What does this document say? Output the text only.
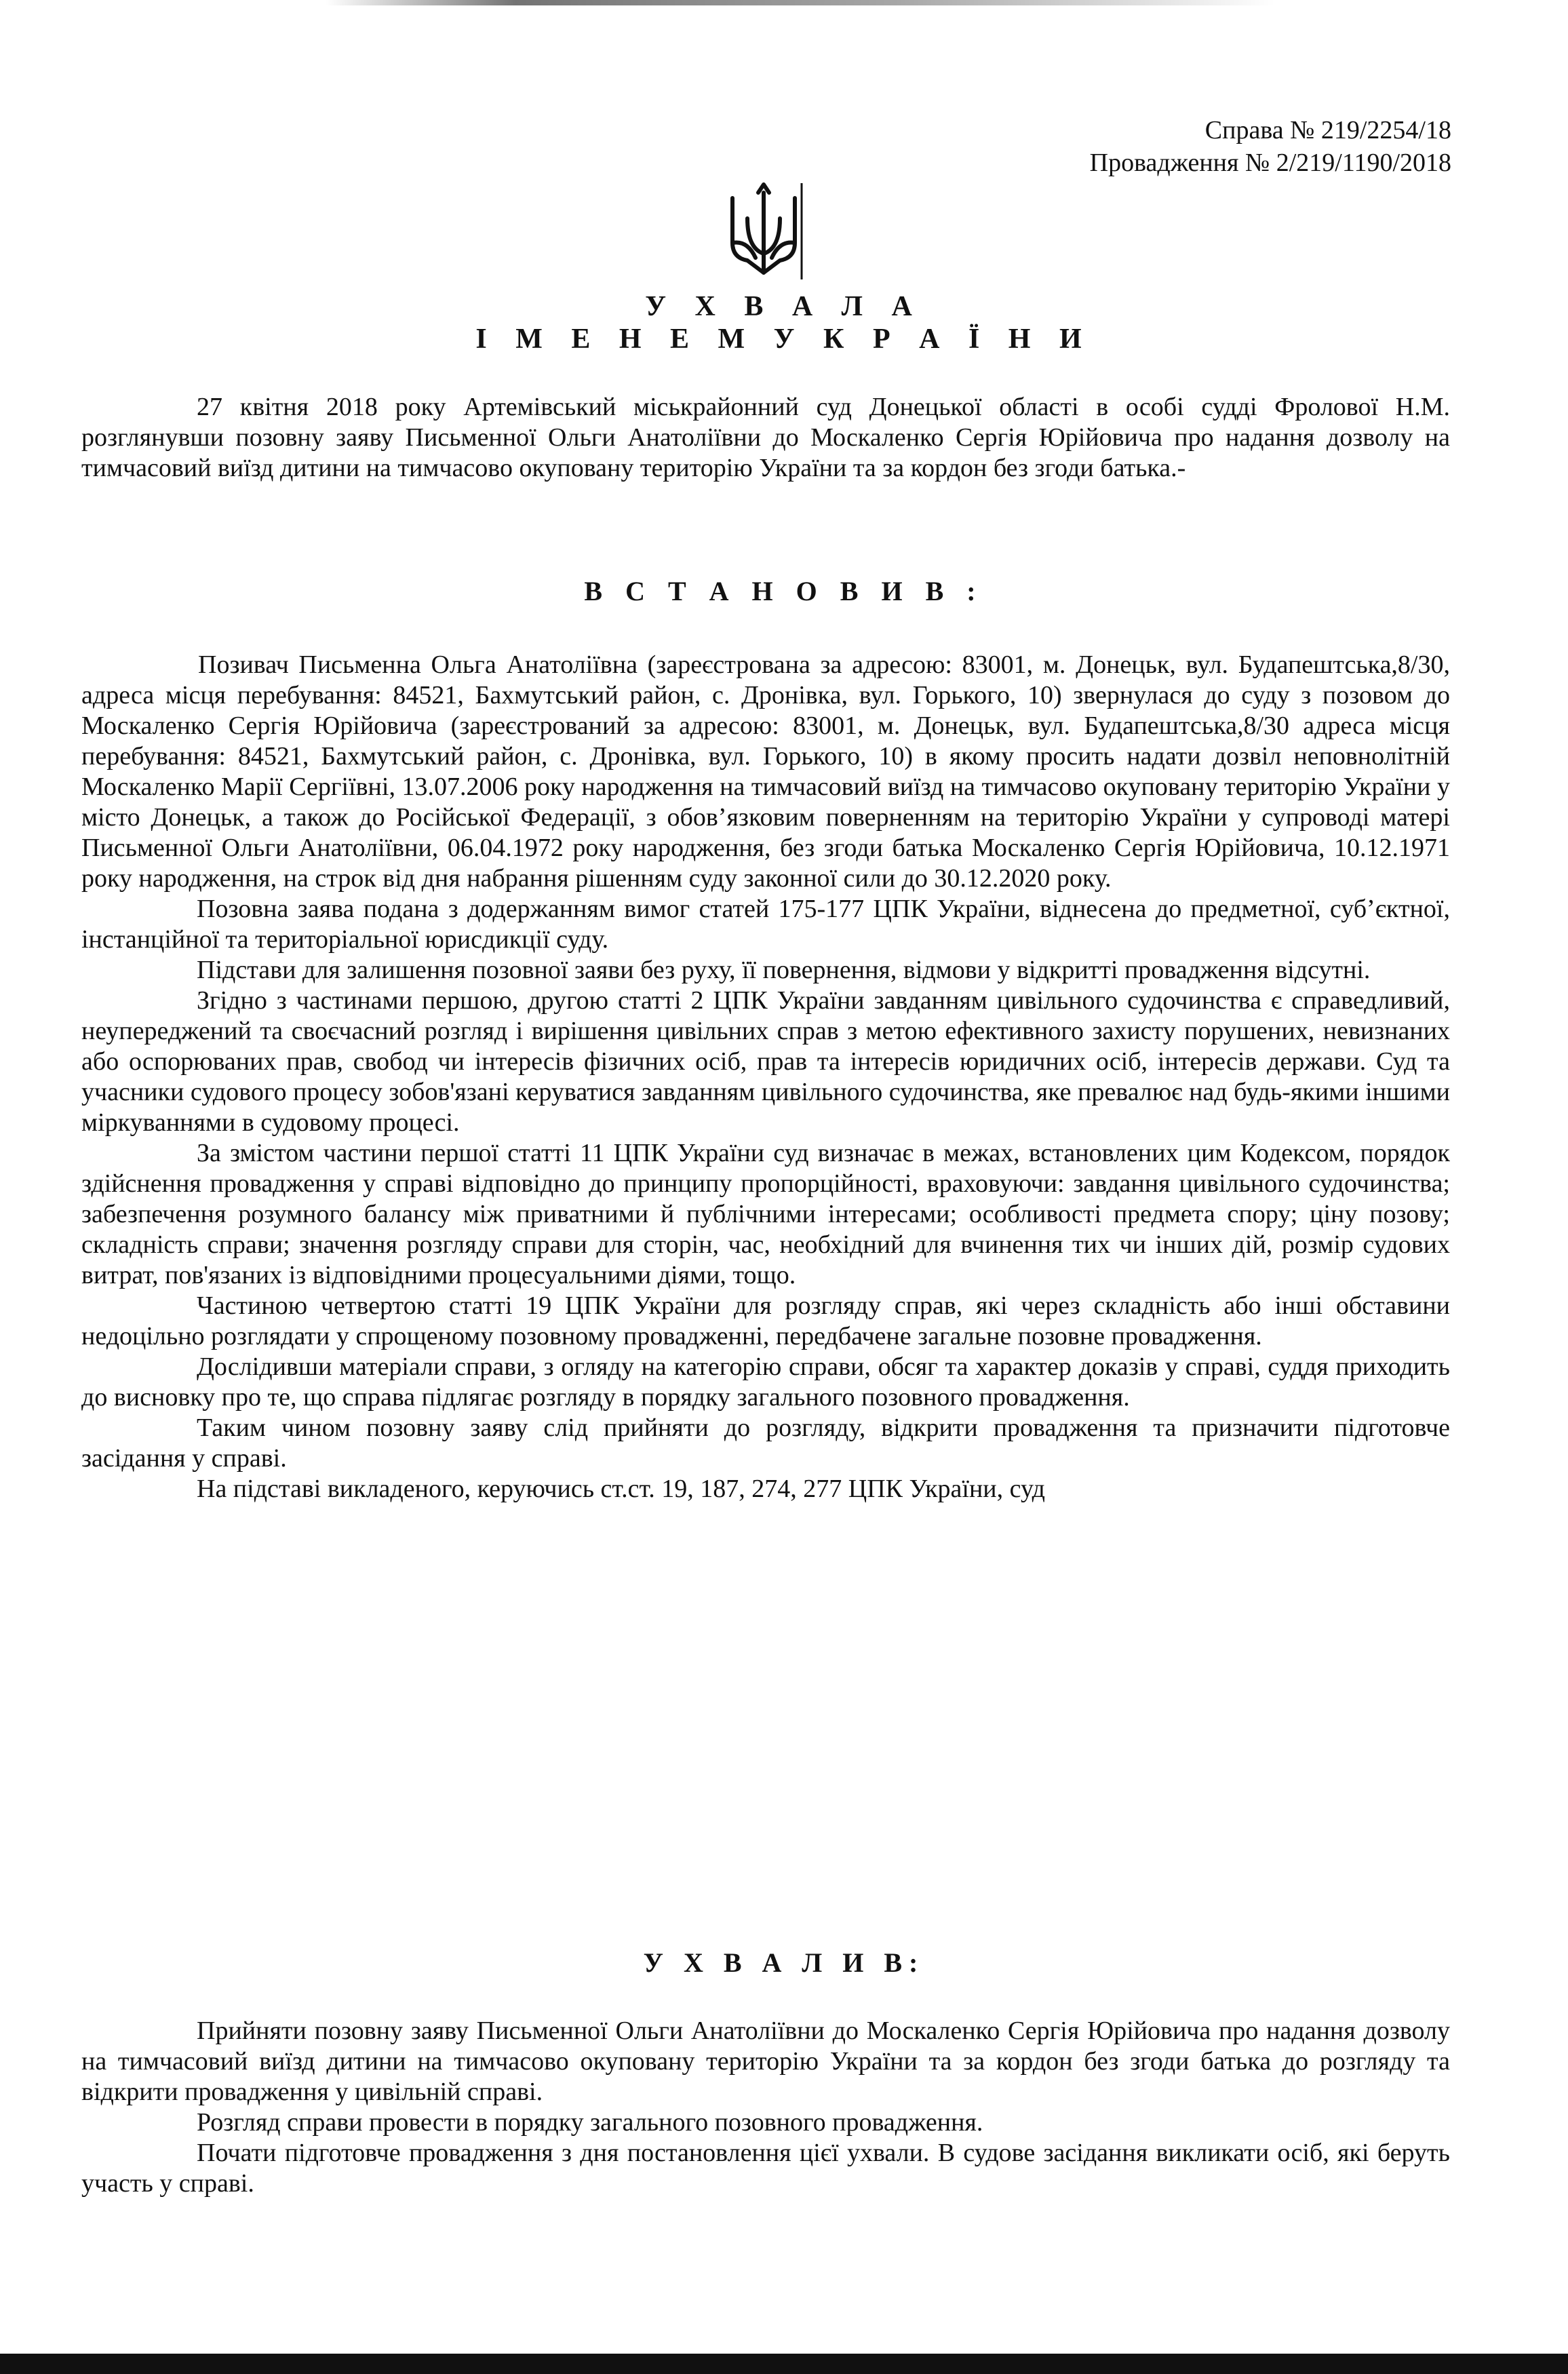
Справа № 219/2254/18
Провадження № 2/219/1190/2018
У Х В А Л А
І М Е Н Е М У К Р А Ї Н И

27 квітня 2018 року Артемівський міськрайонний суд Донецької області в особі судді Фролової Н.М. розглянувши позовну заяву Письменної Ольги Анатоліївни до Москаленко Сергія Юрійовича про надання дозволу на тимчасовий виїзд дитини на тимчасово окуповану територію України та за кордон без згоди батька.-

В С Т А Н О В И В :

Позивач Письменна Ольга Анатоліївна (зареєстрована за адресою: 83001, м. Донецьк, вул. Будапештська,8/30, адреса місця перебування: 84521, Бахмутський район, с. Дронівка, вул. Горького, 10) звернулася до суду з позовом до Москаленко Сергія Юрійовича (зареєстрований за адресою: 83001, м. Донецьк, вул. Будапештська,8/30 адреса місця перебування: 84521, Бахмутський район, с. Дронівка, вул. Горького, 10) в якому просить надати дозвіл неповнолітній Москаленко Марії Сергіївні, 13.07.2006 року народження на тимчасовий виїзд на тимчасово окуповану територію України у місто Донецьк, а також до Російської Федерації, з обов’язковим поверненням на територію України у супроводі матері Письменної Ольги Анатоліївни, 06.04.1972 року народження, без згоди батька Москаленко Сергія Юрійовича, 10.12.1971 року народження, на строк від дня набрання рішенням суду законної сили до 30.12.2020 року.

Позовна заява подана з додержанням вимог статей 175-177 ЦПК України, віднесена до предметної, суб’єктної, інстанційної та територіальної юрисдикції суду.

Підстави для залишення позовної заяви без руху, її повернення, відмови у відкритті провадження відсутні.

Згідно з частинами першою, другою статті 2 ЦПК України завданням цивільного судочинства є справедливий, неупереджений та своєчасний розгляд і вирішення цивільних справ з метою ефективного захисту порушених, невизнаних або оспорюваних прав, свобод чи інтересів фізичних осіб, прав та інтересів юридичних осіб, інтересів держави. Суд та учасники судового процесу зобов'язані керуватися завданням цивільного судочинства, яке превалює над будь-якими іншими міркуваннями в судовому процесі.

За змістом частини першої статті 11 ЦПК України суд визначає в межах, встановлених цим Кодексом, порядок здійснення провадження у справі відповідно до принципу пропорційності, враховуючи: завдання цивільного судочинства; забезпечення розумного балансу між приватними й публічними інтересами; особливості предмета спору; ціну позову; складність справи; значення розгляду справи для сторін, час, необхідний для вчинення тих чи інших дій, розмір судових витрат, пов'язаних із відповідними процесуальними діями, тощо.

Частиною четвертою статті 19 ЦПК України для розгляду справ, які через складність або інші обставини недоцільно розглядати у спрощеному позовному провадженні, передбачене загальне позовне провадження.

Дослідивши матеріали справи, з огляду на категорію справи, обсяг та характер доказів у справі, суддя приходить до висновку про те, що справа підлягає розгляду в порядку загального позовного провадження.

Таким чином позовну заяву слід прийняти до розгляду, відкрити провадження та призначити підготовче засідання у справі.

На підставі викладеного, керуючись ст.ст. 19, 187, 274, 277 ЦПК України, суд

У Х В А Л И В:

Прийняти позовну заяву Письменної Ольги Анатоліївни до Москаленко Сергія Юрійовича про надання дозволу на тимчасовий виїзд дитини на тимчасово окуповану територію України та за кордон без згоди батька до розгляду та відкрити провадження у цивільній справі.

Розгляд справи провести в порядку загального позовного провадження.

Почати підготовче провадження з дня постановлення цієї ухвали. В судове засідання викликати осіб, які беруть участь у справі.
